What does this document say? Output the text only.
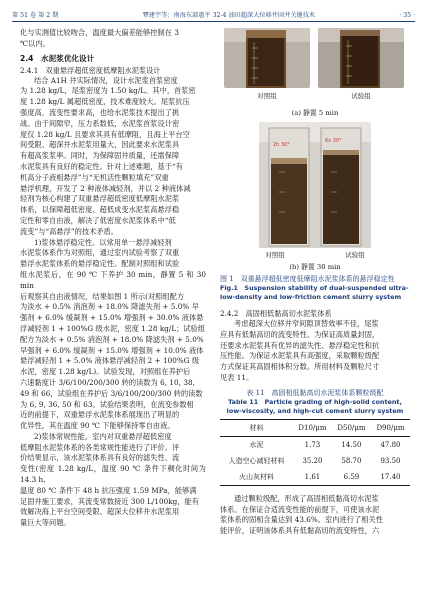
第 51 卷 第 2 期	覃建宇等：南海东部惠平 32-4 油田超深大位移井固井关键技术	· 35 ·
化与实测值比较吻合，温度最大偏差能够控制在 3
℃以内。
2.4　水泥浆优化设计
2.4.1　双重悬浮超低密度低摩阻水泥浆设计
结合 A1H 井实际情况，设计水泥浆首浆密度
为 1.28 kg/L，尾浆密度为 1.50 kg/L。其中，首浆密
度 1.28 kg/L 属超低密度，技术难度较大。尾浆抗压
强度高、流变性要求高，也给水泥浆技术提出了挑
战。由于间隙窄，压力系数低，水泥浆首浆设计密
度仅 1.28 kg/L 且要求其具有低摩阻，且海上平台空
间受限、超深井水泥浆用量大，因此要求水泥浆具
有超高浆浆率。同时，为保障固井质量，还需保障
水泥浆具有良好的稳定性。针对上述难题，基于“有
机高分子液相悬浮”与“无机活性颗粒填充”双重
悬浮机理，开发了 2 种液体减轻剂，并以 2 种液体减
轻剂为核心构建了双重悬浮超低密度低摩阻水泥浆
体系，以保障超低密度、超低成变水泥浆高悬浮稳
定性和零自由液，解决了低密度水泥浆体系中“低
流变”与“高悬浮”的技术矛盾。
1)浆体悬浮稳定性。以常用单一悬浮减轻剂
水泥浆体系作为对照组，通过室内试验考察了双重
悬浮水泥浆体系的悬浮稳定性。配制对照组和试验
组水泥浆后，在 90 ℃ 下养护 30 min，静置 5 和 30 min
后观察其自由液情况，结果如图 1 所示(对照组配方
为淡水 + 0.5% 消泡剂 + 18.0% 降滤失剂 + 5.0% 早
强剂 + 6.0% 缓凝剂 + 15.0% 增强剂 + 30.0% 液体悬
浮减轻剂 1 + 100%G 级水泥，密度 1.28 kg/L；试验组
配方为淡水 + 0.5% 消泡剂 + 18.0% 降滤失剂 + 5.0%
早强剂 + 6.0% 缓凝剂 + 15.0% 增强剂 + 10.0% 液体
悬浮减轻剂 1 + 5.0% 液体悬浮减轻剂 2 + 100%G 级
水泥，密度 1.28 kg/L)。试验发现，对照组在养护后
六速黏度计 3/6/100/200/300 转的读数为 6, 10, 38,
49 和 66，试验组在养护后 3/6/100/200/300 转的读数
为 6, 9, 36, 50 和 63。试验结果表明，在流变参数相
近的前提下，双重悬浮水泥浆体系展现出了明显的
优异性，其在温度 90 ℃ 下能够保持零自由液。
2)浆体常规性能。室内对双重悬浮超低密度
低摩阻水泥浆体系的各类常规性能进行了评价。评
价结果显示，该水泥浆体系具有良好的滤失性、流
变性(密度 1.28 kg/L，温度 90 ℃ 条件下稠化时间为 14.3 h,
温度 80 ℃ 条件下 48 h 抗压强度 1.59 MPa，能够满
足固井施工要求，其流变常数接近 300 L/100kg，能有
效解决海上平台空间受限、超深大位移井水泥浆用
量巨大等问题。
对照组	试验组
(a) 静置 5 min
2h 30°
6x 30°
对照组	试验组
(b) 静置 30 min
图 1　双重悬浮超低密度低摩阻水泥浆体系的悬浮稳定性
Fig.1　Suspension stability of dual-suspended ultra-low-density and low-friction cement slurry system
2.4.2　高固相低黏高切水泥浆体系
考虑超深大位移井窄间隙顶替效率不佳，尾浆
应具有低黏高切的流变特性。为保证高质量封固，
还要求水泥浆具有优异的滤失性、悬浮稳定性和抗
压性能。为保证水泥浆具有高强度，采取颗粒级配
方式保证其高固相体积分数。所用材料及颗粒尺寸
见表 11。
表 11　高固相低黏高切水泥浆体系颗粒级配
Table 11　Particle grading of high-solid content, low-viscosity, and high-cut cement slurry system
材料	D10/μm	D50/μm	D90/μm
水泥	1.73	14.50	47.80
人造空心减轻材料	35.20	58.70	93.50
火山灰材料	1.61	6.59	17.40
通过颗粒级配，形成了高固相低黏高切水泥浆
体系。在保证合适流变性能的前提下，可使该水泥
浆体系的固相含量达到 43.6%。室内进行了相关性
能评价，证明该体系具有低黏高切的流变特性，六
